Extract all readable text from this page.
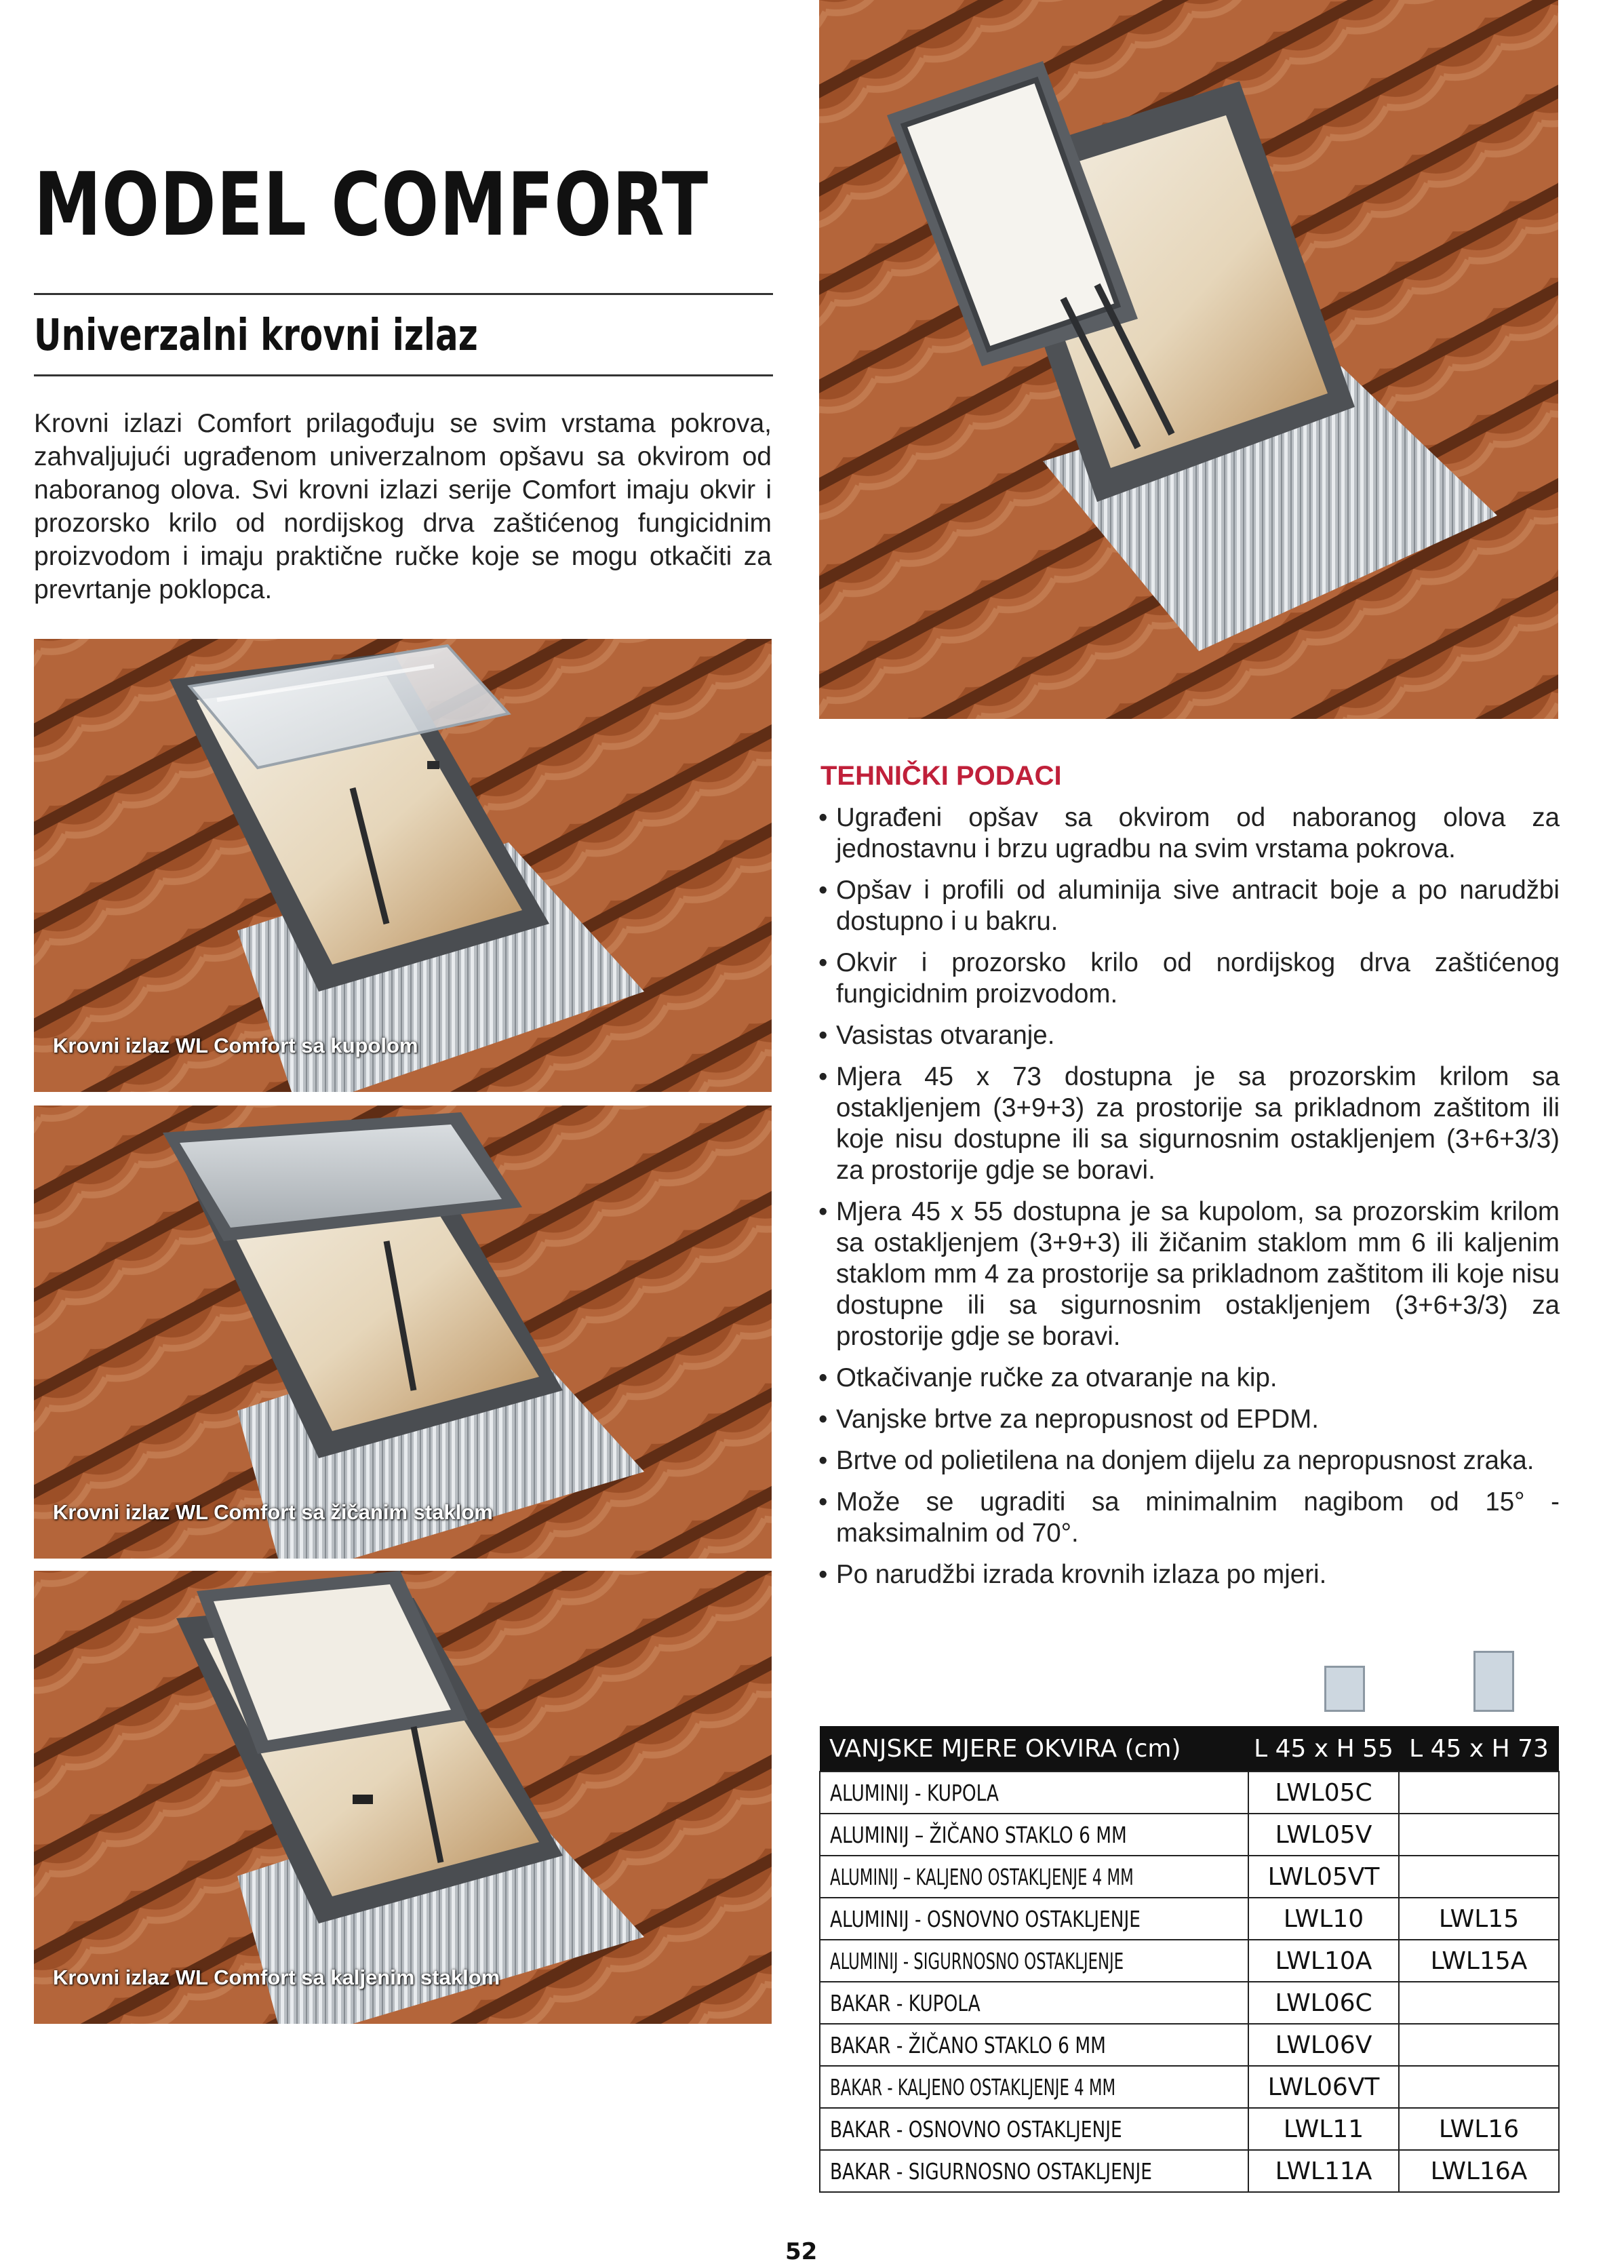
MODEL COMFORT
Univerzalni krovni izlaz
Krovni izlazi Comfort prilagođuju se svim vrstama pokrova, zahvaljujući ugrađenom univerzalnom opšavu sa okvirom od naboranog olova. Svi krovni izlazi serije Comfort imaju okvir i prozorsko krilo od nordijskog drva zaštićenog fungicidnim proizvodom i imaju praktične ručke koje se mogu otkačiti za prevrtanje poklopca.
Krovni izlaz WL Comfort sa kupolom
Krovni izlaz WL Comfort sa žičanim staklom
Krovni izlaz WL Comfort sa kaljenim staklom
TEHNIČKI PODACI
• Ugrađeni opšav sa okvirom od naboranog olova za jednostavnu i brzu ugradbu na svim vrstama pokrova.
• Opšav i profili od aluminija sive antracit boje a po narudžbi dostupno i u bakru.
• Okvir i prozorsko krilo od nordijskog drva zaštićenog fungicidnim proizvodom.
• Vasistas otvaranje.
• Mjera 45 x 73 dostupna je sa prozorskim krilom sa ostakljenjem (3+9+3) za prostorije sa prikladnom zaštitom ili koje nisu dostupne ili sa sigurnosnim ostakljenjem (3+6+3/3) za prostorije gdje se boravi.
• Mjera 45 x 55 dostupna je sa kupolom, sa prozorskim krilom sa ostakljenjem (3+9+3) ili žičanim staklom mm 6 ili kaljenim staklom mm 4 za prostorije sa prikladnom zaštitom ili koje nisu dostupne ili sa sigurnosnim ostakljenjem (3+6+3/3) za prostorije gdje se boravi.
• Otkačivanje ručke za otvaranje na kip.
• Vanjske brtve za nepropusnost od EPDM.
• Brtve od polietilena na donjem dijelu za nepropusnost zraka.
• Može se ugraditi sa minimalnim nagibom od 15° - maksimalnim od 70°.
• Po narudžbi izrada krovnih izlaza po mjeri.
VANJSKE MJERE OKVIRA (cm)	L 45 x H 55	L 45 x H 73
ALUMINIJ - KUPOLA	LWL05C	
ALUMINIJ – ŽIČANO STAKLO 6 MM	LWL05V	
ALUMINIJ – KALJENO OSTAKLJENJE 4 MM	LWL05VT	
ALUMINIJ - OSNOVNO OSTAKLJENJE	LWL10	LWL15
ALUMINIJ - SIGURNOSNO OSTAKLJENJE	LWL10A	LWL15A
BAKAR - KUPOLA	LWL06C	
BAKAR - ŽIČANO STAKLO 6 MM	LWL06V	
BAKAR - KALJENO OSTAKLJENJE 4 MM	LWL06VT	
BAKAR - OSNOVNO OSTAKLJENJE	LWL11	LWL16
BAKAR - SIGURNOSNO OSTAKLJENJE	LWL11A	LWL16A
52
